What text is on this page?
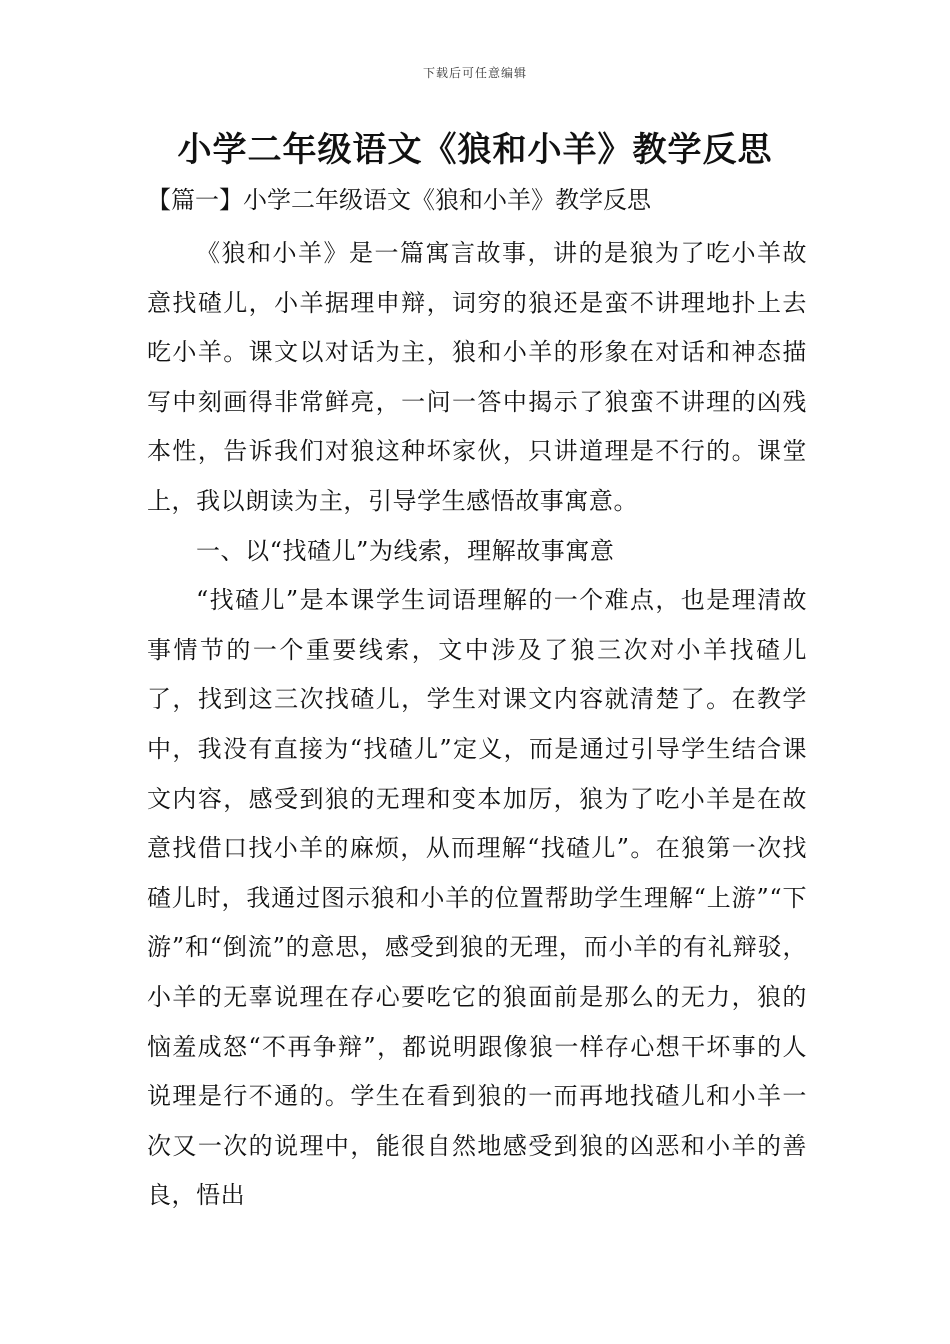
下载后可任意编辑
小学二年级语文《狼和小羊》教学反思
【篇一】小学二年级语文《狼和小羊》教学反思

《狼和小羊》是一篇寓言故事，讲的是狼为了吃小羊故意找碴儿，小羊据理申辩，词穷的狼还是蛮不讲理地扑上去吃小羊。课文以对话为主，狼和小羊的形象在对话和神态描写中刻画得非常鲜亮，一问一答中揭示了狼蛮不讲理的凶残本性，告诉我们对狼这种坏家伙，只讲道理是不行的。课堂上，我以朗读为主，引导学生感悟故事寓意。

一、以“找碴儿”为线索，理解故事寓意

“找碴儿”是本课学生词语理解的一个难点，也是理清故事情节的一个重要线索，文中涉及了狼三次对小羊找碴儿了，找到这三次找碴儿，学生对课文内容就清楚了。在教学中，我没有直接为“找碴儿”定义，而是通过引导学生结合课文内容，感受到狼的无理和变本加厉，狼为了吃小羊是在故意找借口找小羊的麻烦，从而理解“找碴儿”。在狼第一次找碴儿时，我通过图示狼和小羊的位置帮助学生理解“上游”“下游”和“倒流”的意思，感受到狼的无理，而小羊的有礼辩驳，小羊的无辜说理在存心要吃它的狼面前是那么的无力，狼的恼羞成怒“不再争辩”，都说明跟像狼一样存心想干坏事的人说理是行不通的。学生在看到狼的一而再地找碴儿和小羊一次又一次的说理中，能很自然地感受到狼的凶恶和小羊的善良，悟出
